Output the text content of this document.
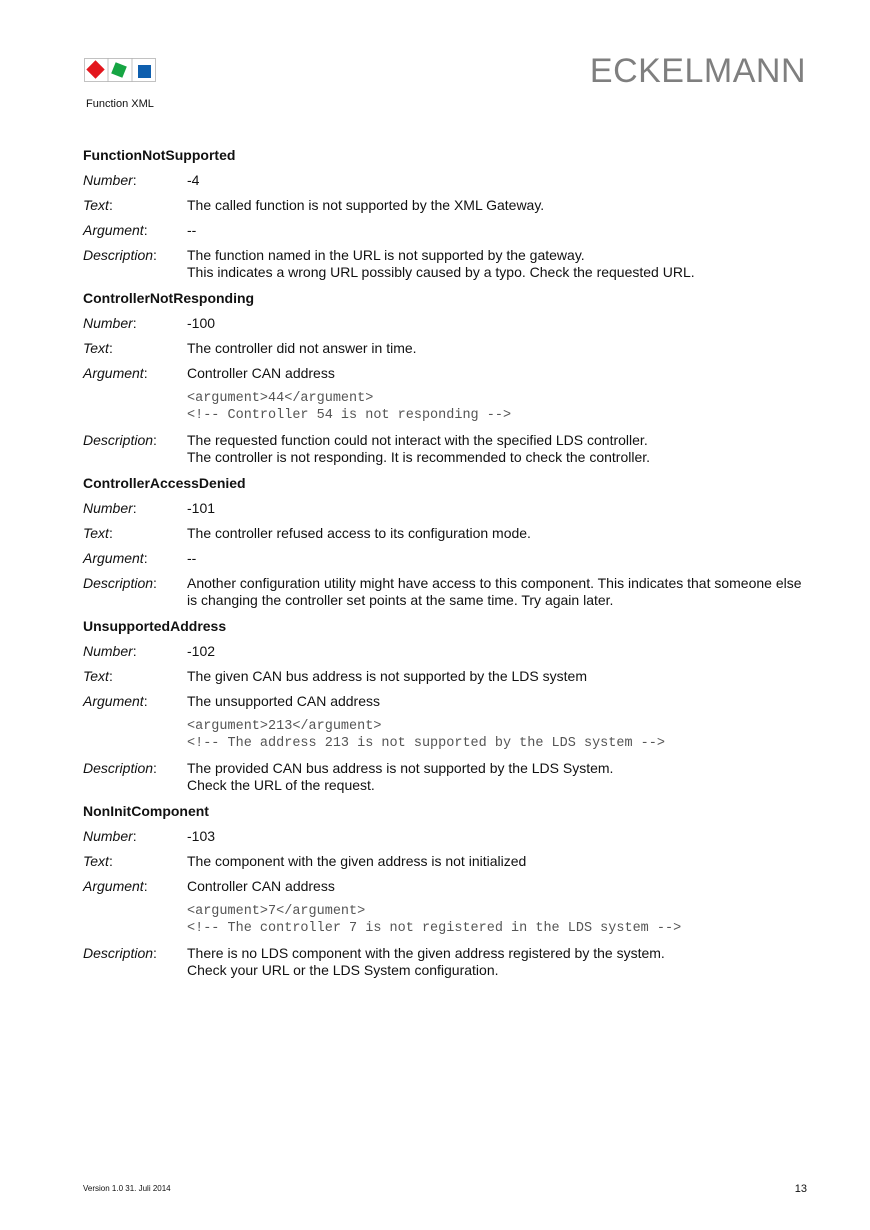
Function XML
ECKELMANN
FunctionNotSupported
Number:	-4
Text:	The called function is not supported by the XML Gateway.
Argument:	--
Description:	The function named in the URL is not supported by the gateway.
This indicates a wrong URL possibly caused by a typo. Check the requested URL.
ControllerNotResponding
Number:	-100
Text:	The controller did not answer in time.
Argument:	Controller CAN address
<argument>44</argument>
<!-- Controller 54 is not responding -->
Description:	The requested function could not interact with the specified LDS controller.
The controller is not responding. It is recommended to check the controller.
ControllerAccessDenied
Number:	-101
Text:	The controller refused access to its configuration mode.
Argument:	--
Description:	Another configuration utility might have access to this component. This indicates that someone else is changing the controller set points at the same time. Try again later.
UnsupportedAddress
Number:	-102
Text:	The given CAN bus address is not supported by the LDS system
Argument:	The unsupported CAN address
<argument>213</argument>
<!-- The address 213 is not supported by the LDS system -->
Description:	The provided CAN bus address is not supported by the LDS System.
Check the URL of the request.
NonInitComponent
Number:	-103
Text:	The component with the given address is not initialized
Argument:	Controller CAN address
<argument>7</argument>
<!-- The controller 7 is not registered in the LDS system -->
Description:	There is no LDS component with the given address registered by the system.
Check your URL or the LDS System configuration.
Version 1.0 31. Juli 2014	13
